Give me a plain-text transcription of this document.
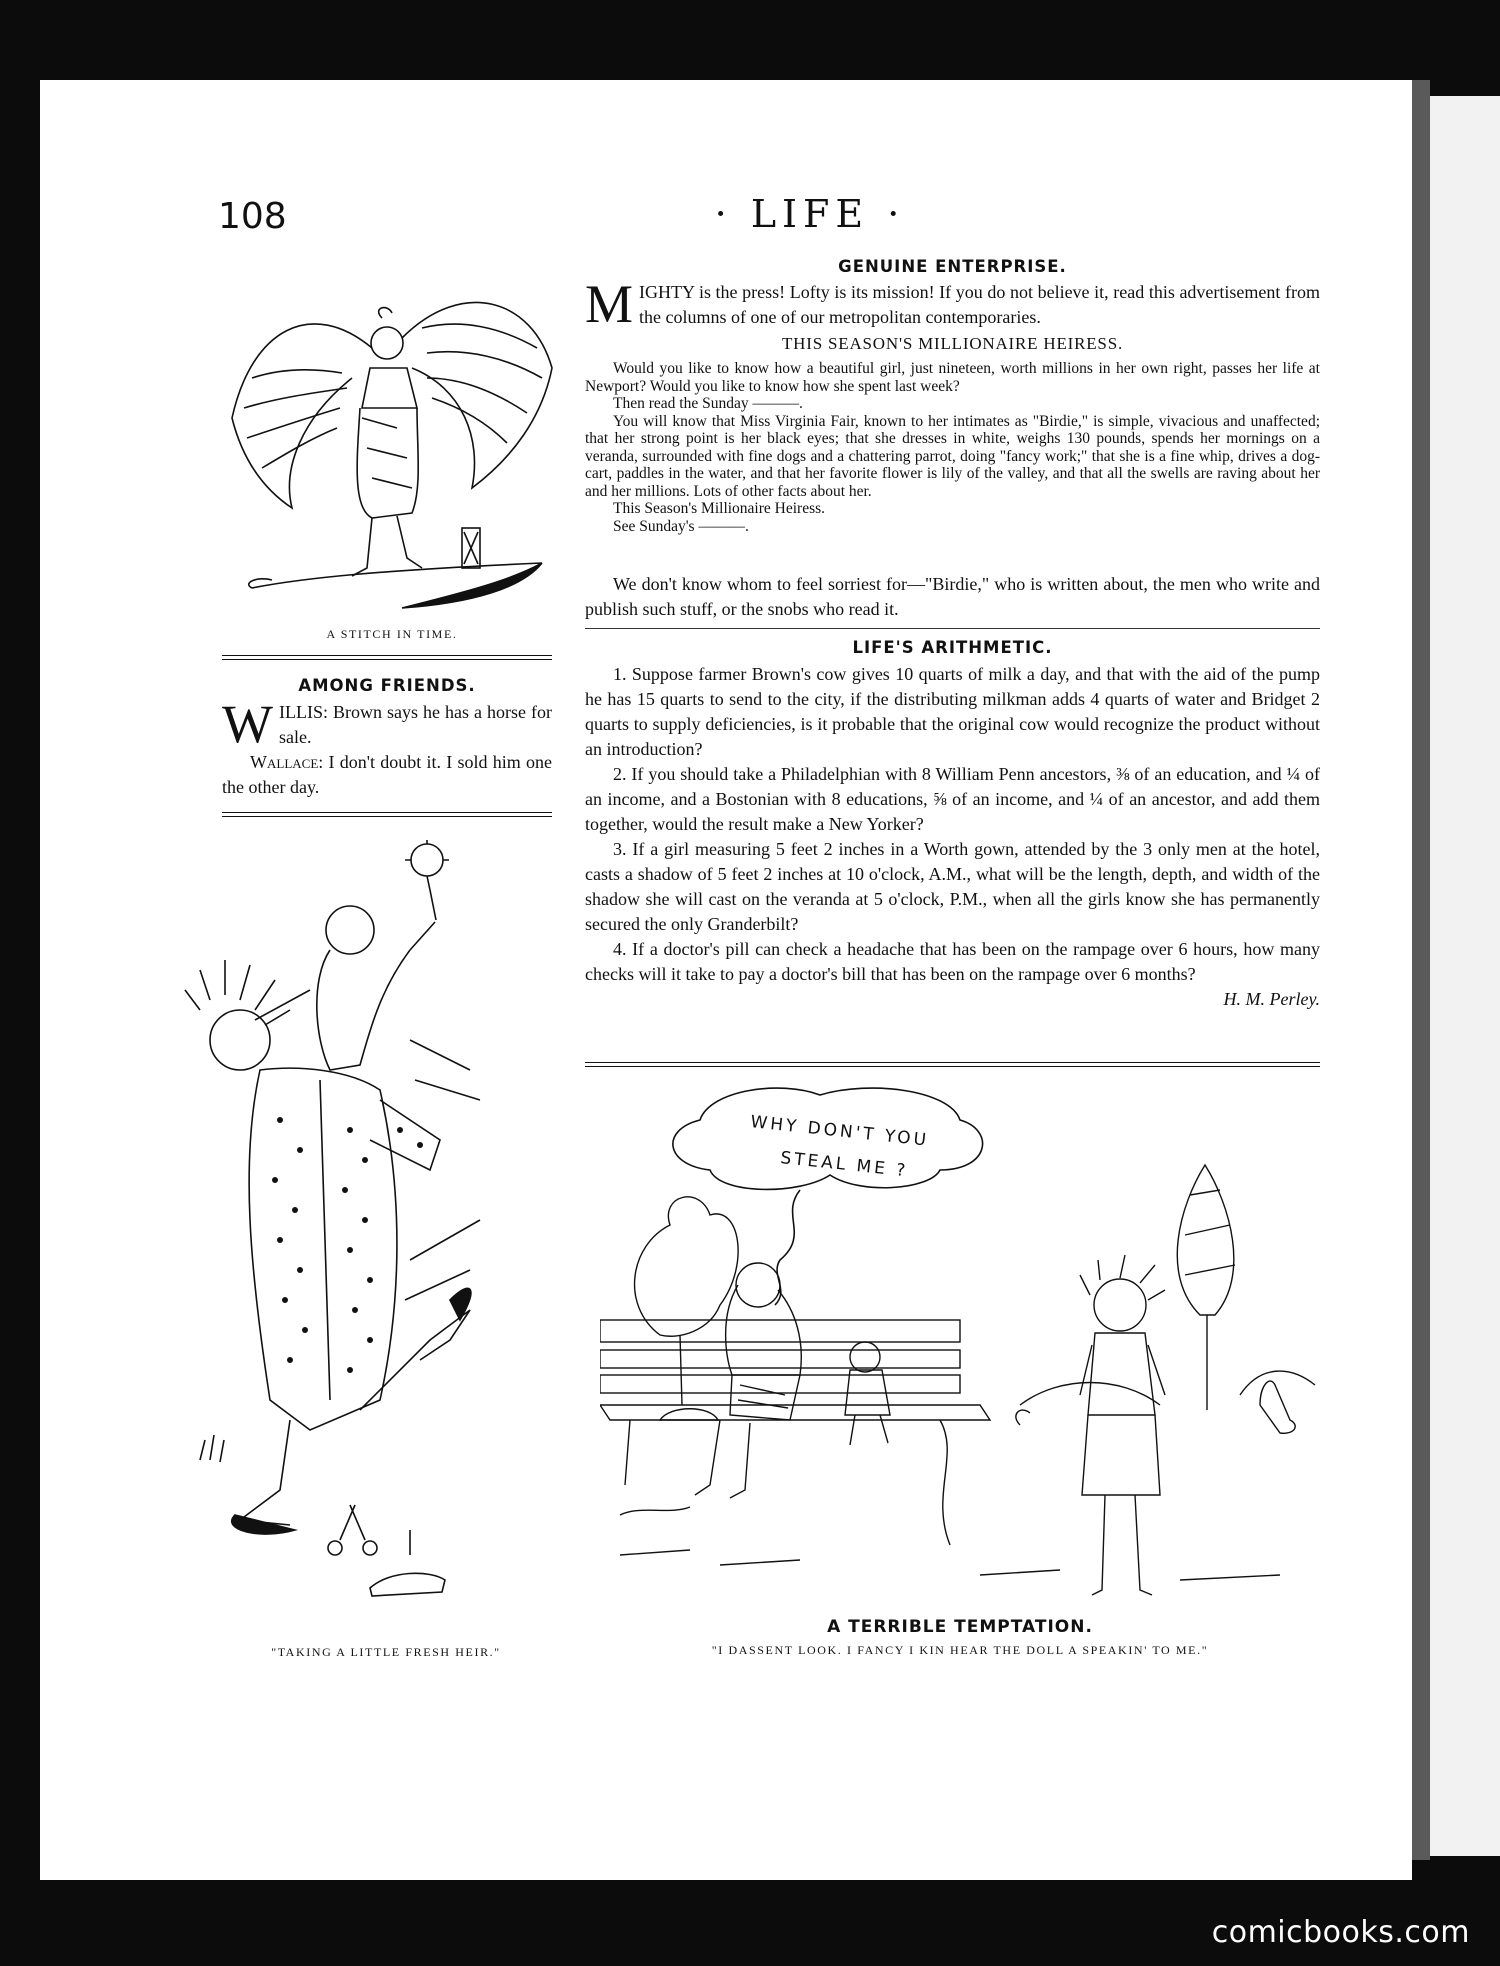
108	· LIFE ·
A STITCH IN TIME.
AMONG FRIENDS.
W ILLIS: Brown says he has a horse for sale.

Wallace: I don't doubt it. I sold him one the other day.

"TAKING A LITTLE FRESH HEIR."
GENUINE ENTERPRISE.
M IGHTY is the press! Lofty is its mission! If you do not believe it, read this advertisement from the columns of one of our metropolitan contemporaries.

THIS SEASON'S MILLIONAIRE HEIRESS.

Would you like to know how a beautiful girl, just nineteen, worth millions in her own right, passes her life at Newport? Would you like to know how she spent last week?

Then read the Sunday ———.

You will know that Miss Virginia Fair, known to her intimates as "Birdie," is simple, vivacious and unaffected; that her strong point is her black eyes; that she dresses in white, weighs 130 pounds, spends her mornings on a veranda, surrounded with fine dogs and a chattering parrot, doing "fancy work;" that she is a fine whip, drives a dog-cart, paddles in the water, and that her favorite flower is lily of the valley, and that all the swells are raving about her and her millions. Lots of other facts about her.

This Season's Millionaire Heiress.

See Sunday's ———.

We don't know whom to feel sorriest for—"Birdie," who is written about, the men who write and publish such stuff, or the snobs who read it.

LIFE'S ARITHMETIC.

1. Suppose farmer Brown's cow gives 10 quarts of milk a day, and that with the aid of the pump he has 15 quarts to send to the city, if the distributing milkman adds 4 quarts of water and Bridget 2 quarts to supply deficiencies, is it probable that the original cow would recognize the product without an introduction?

2. If you should take a Philadelphian with 8 William Penn ancestors, ⅜ of an education, and ¼ of an income, and a Bostonian with 8 educations, ⅝ of an income, and ¼ of an ancestor, and add them together, would the result make a New Yorker?

3. If a girl measuring 5 feet 2 inches in a Worth gown, attended by the 3 only men at the hotel, casts a shadow of 5 feet 2 inches at 10 o'clock, A.M., what will be the length, depth, and width of the shadow she will cast on the veranda at 5 o'clock, P.M., when all the girls know she has permanently secured the only Granderbilt?

4. If a doctor's pill can check a headache that has been on the rampage over 6 hours, how many checks will it take to pay a doctor's bill that has been on the rampage over 6 months?
H. M. Perley.

WHY DON'T YOU
STEAL ME ?
A TERRIBLE TEMPTATION.
"I DASSENT LOOK. I FANCY I KIN HEAR THE DOLL A SPEAKIN' TO ME."
comicbooks.com
